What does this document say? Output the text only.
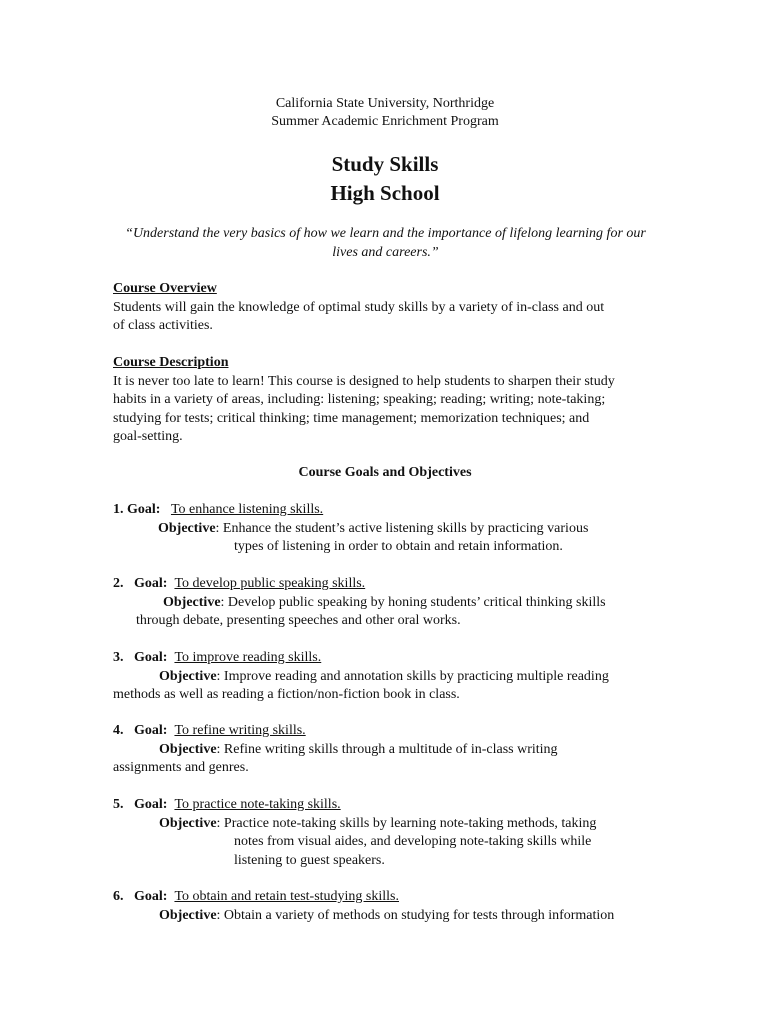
California State University, Northridge
Summer Academic Enrichment Program
Study Skills
High School
“Understand the very basics of how we learn and the importance of lifelong learning for our lives and careers.”
Course Overview
Students will gain the knowledge of optimal study skills by a variety of in-class and out
of class activities.
Course Description
It is never too late to learn! This course is designed to help students to sharpen their study
habits in a variety of areas, including: listening; speaking; reading; writing; note-taking;
studying for tests; critical thinking; time management; memorization techniques; and
goal-setting.
Course Goals and Objectives
1. Goal: To enhance listening skills.
Objective: Enhance the student’s active listening skills by practicing various
types of listening in order to obtain and retain information.
2. Goal: To develop public speaking skills.
Objective: Develop public speaking by honing students’ critical thinking skills
through debate, presenting speeches and other oral works.
3. Goal: To improve reading skills.
Objective: Improve reading and annotation skills by practicing multiple reading
methods as well as reading a fiction/non-fiction book in class.
4. Goal: To refine writing skills.
Objective: Refine writing skills through a multitude of in-class writing
assignments and genres.
5. Goal: To practice note-taking skills.
Objective: Practice note-taking skills by learning note-taking methods, taking
notes from visual aides, and developing note-taking skills while
listening to guest speakers.
6. Goal: To obtain and retain test-studying skills.
Objective: Obtain a variety of methods on studying for tests through information
